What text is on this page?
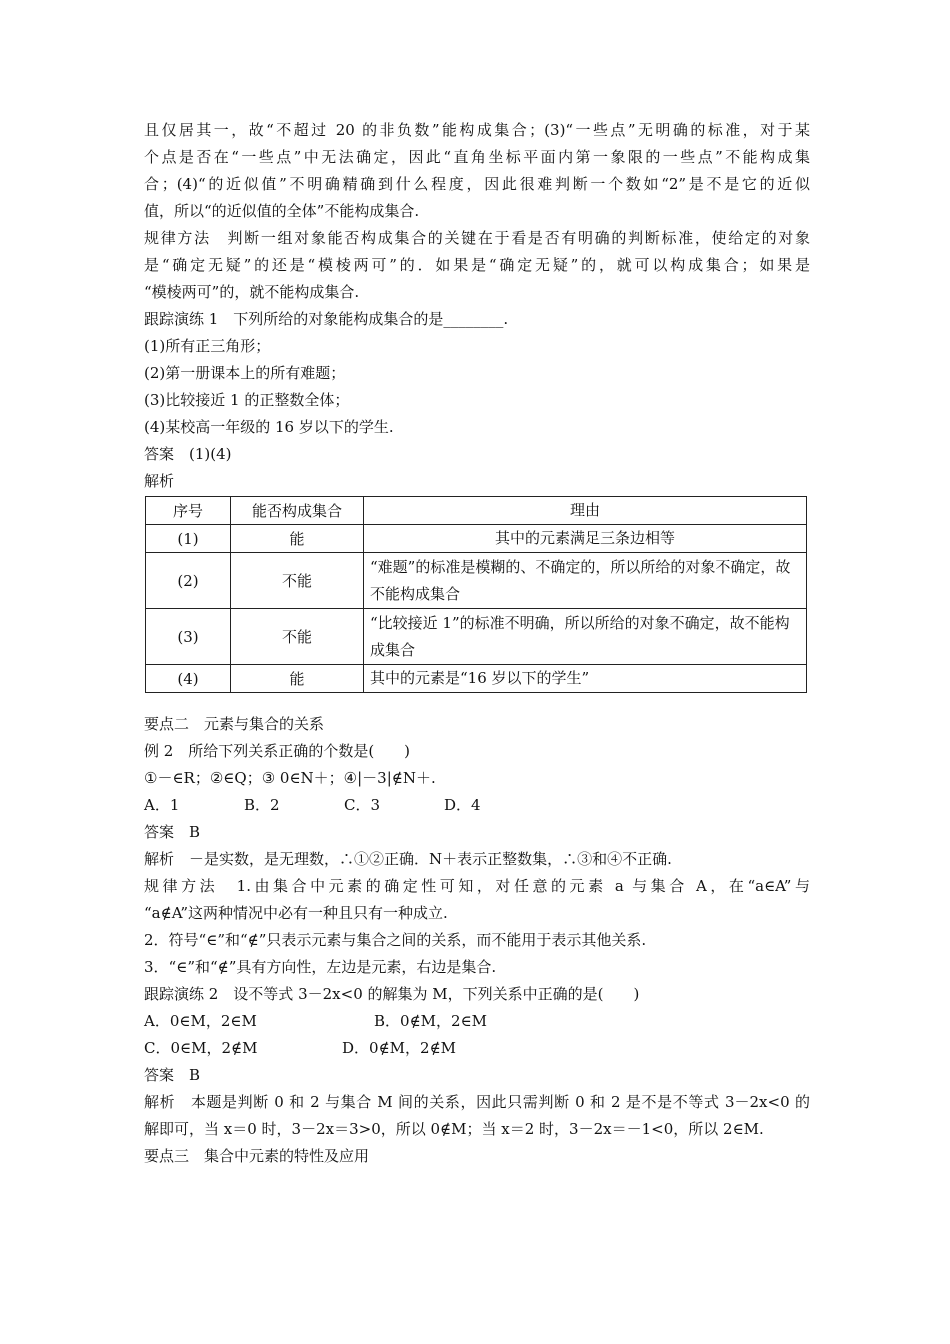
且仅居其一，故“不超过 20 的非负数”能构成集合；(3)“一些点”无明确的标准，对于某
个点是否在“一些点”中无法确定，因此“直角坐标平面内第一象限的一些点”不能构成集
合；(4)“的近似值”不明确精确到什么程度，因此很难判断一个数如“2”是不是它的近似
值，所以“的近似值的全体”不能构成集合.
规律方法　判断一组对象能否构成集合的关键在于看是否有明确的判断标准，使给定的对象
是“确定无疑”的还是“模棱两可”的．如果是“确定无疑”的，就可以构成集合；如果是
“模棱两可”的，就不能构成集合.
跟踪演练 1　下列所给的对象能构成集合的是________.
(1)所有正三角形；
(2)第一册课本上的所有难题；
(3)比较接近 1 的正整数全体；
(4)某校高一年级的 16 岁以下的学生.
答案　(1)(4)
解析
序号	能否构成集合	理由
(1)	能	其中的元素满足三条边相等
(2)	不能	“难题”的标准是模糊的、不确定的，所以所给的对象不确定，故不能构成集合
(3)	不能	“比较接近 1”的标准不明确，所以所给的对象不确定，故不能构成集合
(4)	能	其中的元素是“16 岁以下的学生”
要点二　元素与集合的关系
例 2　所给下列关系正确的个数是(　　)
①－∈R；②∈Q；③ 0∈N＋；④|－3|∉N＋.
A．1	B．2	C．3	D．4
答案　B
解析　－是实数，是无理数，∴①②正确．N＋表示正整数集，∴③和④不正确.
规律方法　1.由集合中元素的确定性可知，对任意的元素 a 与集合 A，在“a∈A”与
“a∉A”这两种情况中必有一种且只有一种成立.
2．符号“∈”和“∉”只表示元素与集合之间的关系，而不能用于表示其他关系.
3．“∈”和“∉”具有方向性，左边是元素，右边是集合.
跟踪演练 2　设不等式 3－2x<0 的解集为 M，下列关系中正确的是(　　)
A．0∈M，2∈M	B．0∉M，2∈M
C．0∈M，2∉M	D．0∉M，2∉M
答案　B
解析　本题是判断 0 和 2 与集合 M 间的关系，因此只需判断 0 和 2 是不是不等式 3－2x<0 的
解即可，当 x＝0 时，3－2x＝3>0，所以 0∉M；当 x＝2 时，3－2x＝－1<0，所以 2∈M.
要点三　集合中元素的特性及应用
